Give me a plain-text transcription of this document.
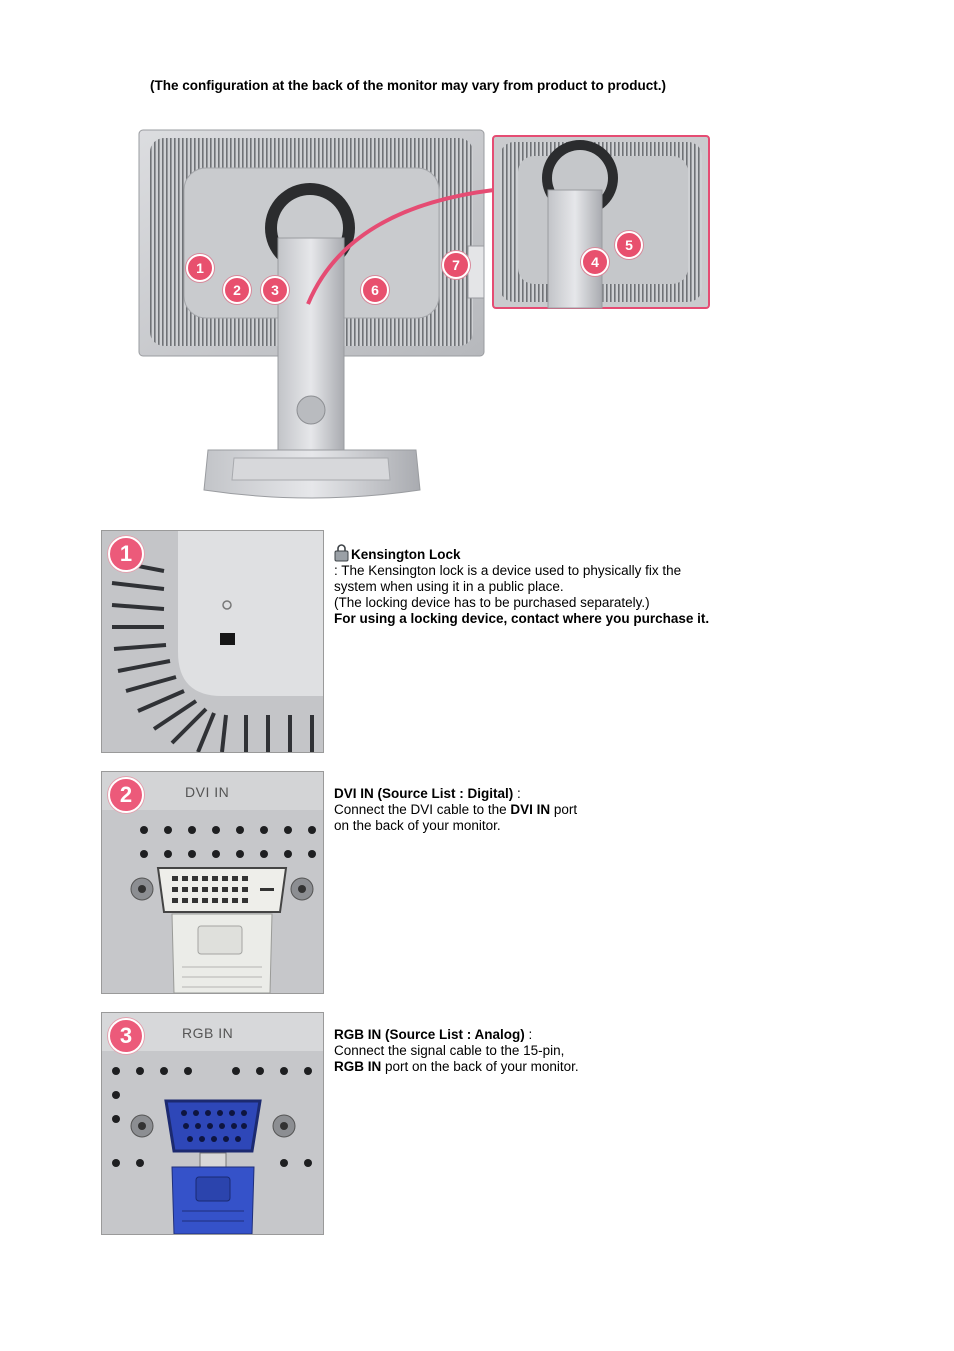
(The configuration at the back of the monitor may vary from product to product.)
1
2	3	6
7	4
5
1	Kensington Lock
: The Kensington lock is a device used to physically fix the
system when using it in a public place.
(The locking device has to be purchased separately.)
For using a locking device, contact where you purchase it.
2	DVI IN	DVI IN (Source List : Digital) :
Connect the DVI cable to the DVI IN port
on the back of your monitor.
3	RGB IN	RGB IN (Source List : Analog) :
Connect the signal cable to the 15-pin,
RGB IN port on the back of your monitor.
